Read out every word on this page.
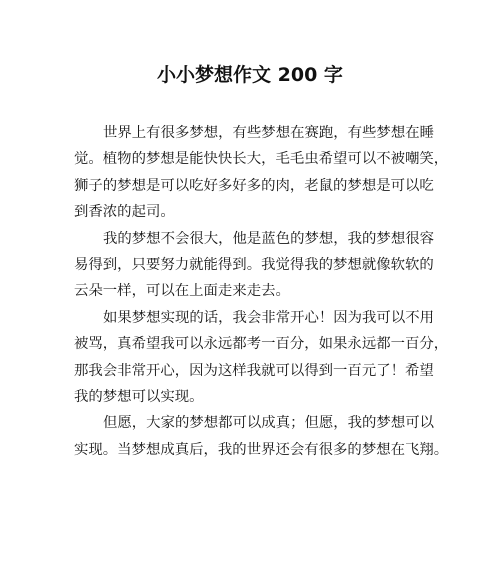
小小梦想作文 200 字
世界上有很多梦想，有些梦想在赛跑，有些梦想在睡
觉。植物的梦想是能快快长大，毛毛虫希望可以不被嘲笑，
狮子的梦想是可以吃好多好多的肉，老鼠的梦想是可以吃
到香浓的起司。
我的梦想不会很大，他是蓝色的梦想，我的梦想很容
易得到，只要努力就能得到。我觉得我的梦想就像软软的
云朵一样，可以在上面走来走去。
如果梦想实现的话，我会非常开心！因为我可以不用
被骂，真希望我可以永远都考一百分，如果永远都一百分，
那我会非常开心，因为这样我就可以得到一百元了！希望
我的梦想可以实现。
但愿，大家的梦想都可以成真；但愿，我的梦想可以
实现。当梦想成真后，我的世界还会有很多的梦想在飞翔。
